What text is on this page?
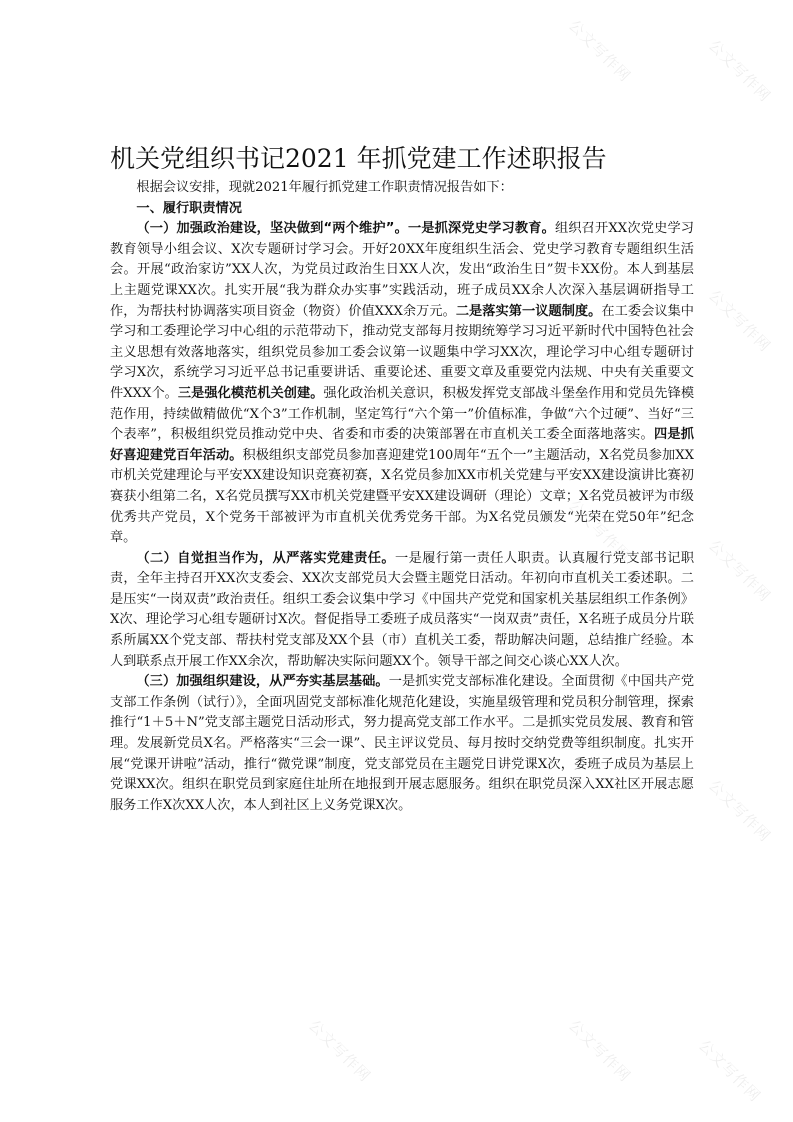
公文写作网	公文写作网
公文写作网
公文写作网
公文写作网
公文写作网
公文写作网
公文写作网	公文写作网	公文写作网
机关党组织书记2021 年抓党建工作述职报告

根据会议安排，现就2021年履行抓党建工作职责情况报告如下：

一、履行职责情况

（一）加强政治建设，坚决做到“两个维护”。一是抓深党史学习教育。组织召开XX次党史学习教育领导小组会议、X次专题研讨学习会。开好20XX年度组织生活会、党史学习教育专题组织生活会。开展“政治家访”XX人次，为党员过政治生日XX人次，发出“政治生日”贺卡XX份。本人到基层上主题党课XX次。扎实开展“我为群众办实事”实践活动，班子成员XX余人次深入基层调研指导工作，为帮扶村协调落实项目资金（物资）价值XXX余万元。二是落实第一议题制度。在工委会议集中学习和工委理论学习中心组的示范带动下，推动党支部每月按期统筹学习习近平新时代中国特色社会主义思想有效落地落实，组织党员参加工委会议第一议题集中学习XX次，理论学习中心组专题研讨学习X次，系统学习习近平总书记重要讲话、重要论述、重要文章及重要党内法规、中央有关重要文件XXX个。三是强化模范机关创建。强化政治机关意识，积极发挥党支部战斗堡垒作用和党员先锋模范作用，持续做精做优“X个3”工作机制，坚定笃行“六个第一”价值标准，争做“六个过硬”、当好“三个表率”，积极组织党员推动党中央、省委和市委的决策部署在市直机关工委全面落地落实。四是抓好喜迎建党百年活动。积极组织支部党员参加喜迎建党100周年“五个一”主题活动，X名党员参加XX市机关党建理论与平安XX建设知识竞赛初赛，X名党员参加XX市机关党建与平安XX建设演讲比赛初赛获小组第二名，X名党员撰写XX市机关党建暨平安XX建设调研（理论）文章；X名党员被评为市级优秀共产党员，X个党务干部被评为市直机关优秀党务干部。为X名党员颁发“光荣在党50年”纪念章。

（二）自觉担当作为，从严落实党建责任。一是履行第一责任人职责。认真履行党支部书记职责，全年主持召开XX次支委会、XX次支部党员大会暨主题党日活动。年初向市直机关工委述职。二是压实“一岗双责”政治责任。组织工委会议集中学习《中国共产党党和国家机关基层组织工作条例》X次、理论学习心组专题研讨X次。督促指导工委班子成员落实“一岗双责”责任，X名班子成员分片联系所属XX个党支部、帮扶村党支部及XX个县（市）直机关工委，帮助解决问题，总结推广经验。本人到联系点开展工作XX余次，帮助解决实际问题XX个。领导干部之间交心谈心XX人次。

（三）加强组织建设，从严夯实基层基础。一是抓实党支部标准化建设。全面贯彻《中国共产党支部工作条例（试行）》，全面巩固党支部标准化规范化建设，实施星级管理和党员积分制管理，探索推行“1＋5＋N”党支部主题党日活动形式，努力提高党支部工作水平。二是抓实党员发展、教育和管理。发展新党员X名。严格落实“三会一课”、民主评议党员、每月按时交纳党费等组织制度。扎实开展“党课开讲啦”活动，推行“微党课”制度，党支部党员在主题党日讲党课X次，委班子成员为基层上党课XX次。组织在职党员到家庭住址所在地报到开展志愿服务。组织在职党员深入XX社区开展志愿服务工作X次XX人次，本人到社区上义务党课X次。
